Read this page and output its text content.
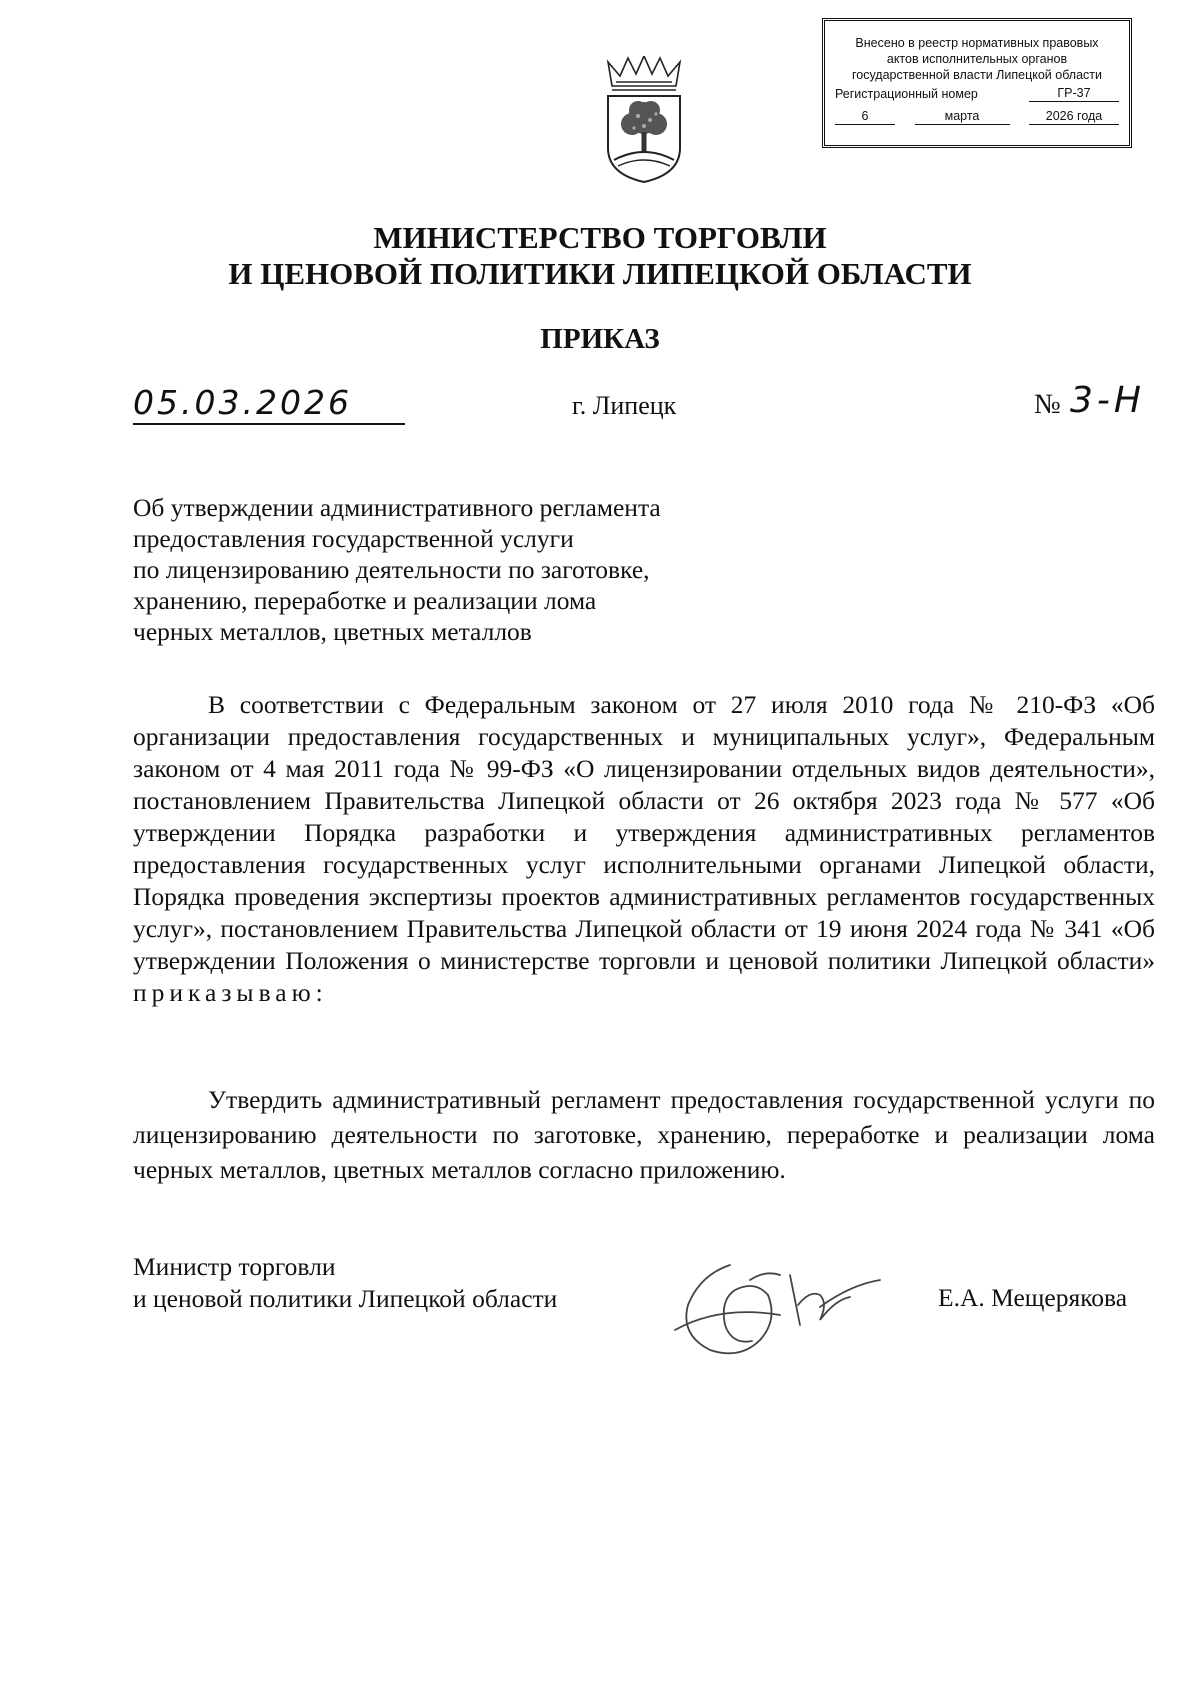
Внесено в реестр нормативных правовых
актов исполнительных органов
государственной власти Липецкой области
Регистрационный номер	ГР-37
6	марта	2026 года
МИНИСТЕРСТВО ТОРГОВЛИ
И ЦЕНОВОЙ ПОЛИТИКИ ЛИПЕЦКОЙ ОБЛАСТИ
ПРИКАЗ
05.03.2026	г. Липецк	№ 3-Н
Об утверждении административного регламента
предоставления государственной услуги
по лицензированию деятельности по заготовке,
хранению, переработке и реализации лома
черных металлов, цветных металлов
В соответствии с Федеральным законом от 27 июля 2010 года № 210-ФЗ «Об организации предоставления государственных и муниципальных услуг», Федеральным законом от 4 мая 2011 года № 99-ФЗ «О лицензировании отдельных видов деятельности», постановлением Правительства Липецкой области от 26 октября 2023 года № 577 «Об утверждении Порядка разработки и утверждения административных регламентов предоставления государственных услуг исполнительными органами Липецкой области, Порядка проведения экспертизы проектов административных регламентов государственных услуг», постановлением Правительства Липецкой области от 19 июня 2024 года № 341 «Об утверждении Положения о министерстве торговли и ценовой политики Липецкой области» приказываю:
Утвердить административный регламент предоставления государственной услуги по лицензированию деятельности по заготовке, хранению, переработке и реализации лома черных металлов, цветных металлов согласно приложению.
Министр торговли
и ценовой политики Липецкой области	Е.А. Мещерякова
